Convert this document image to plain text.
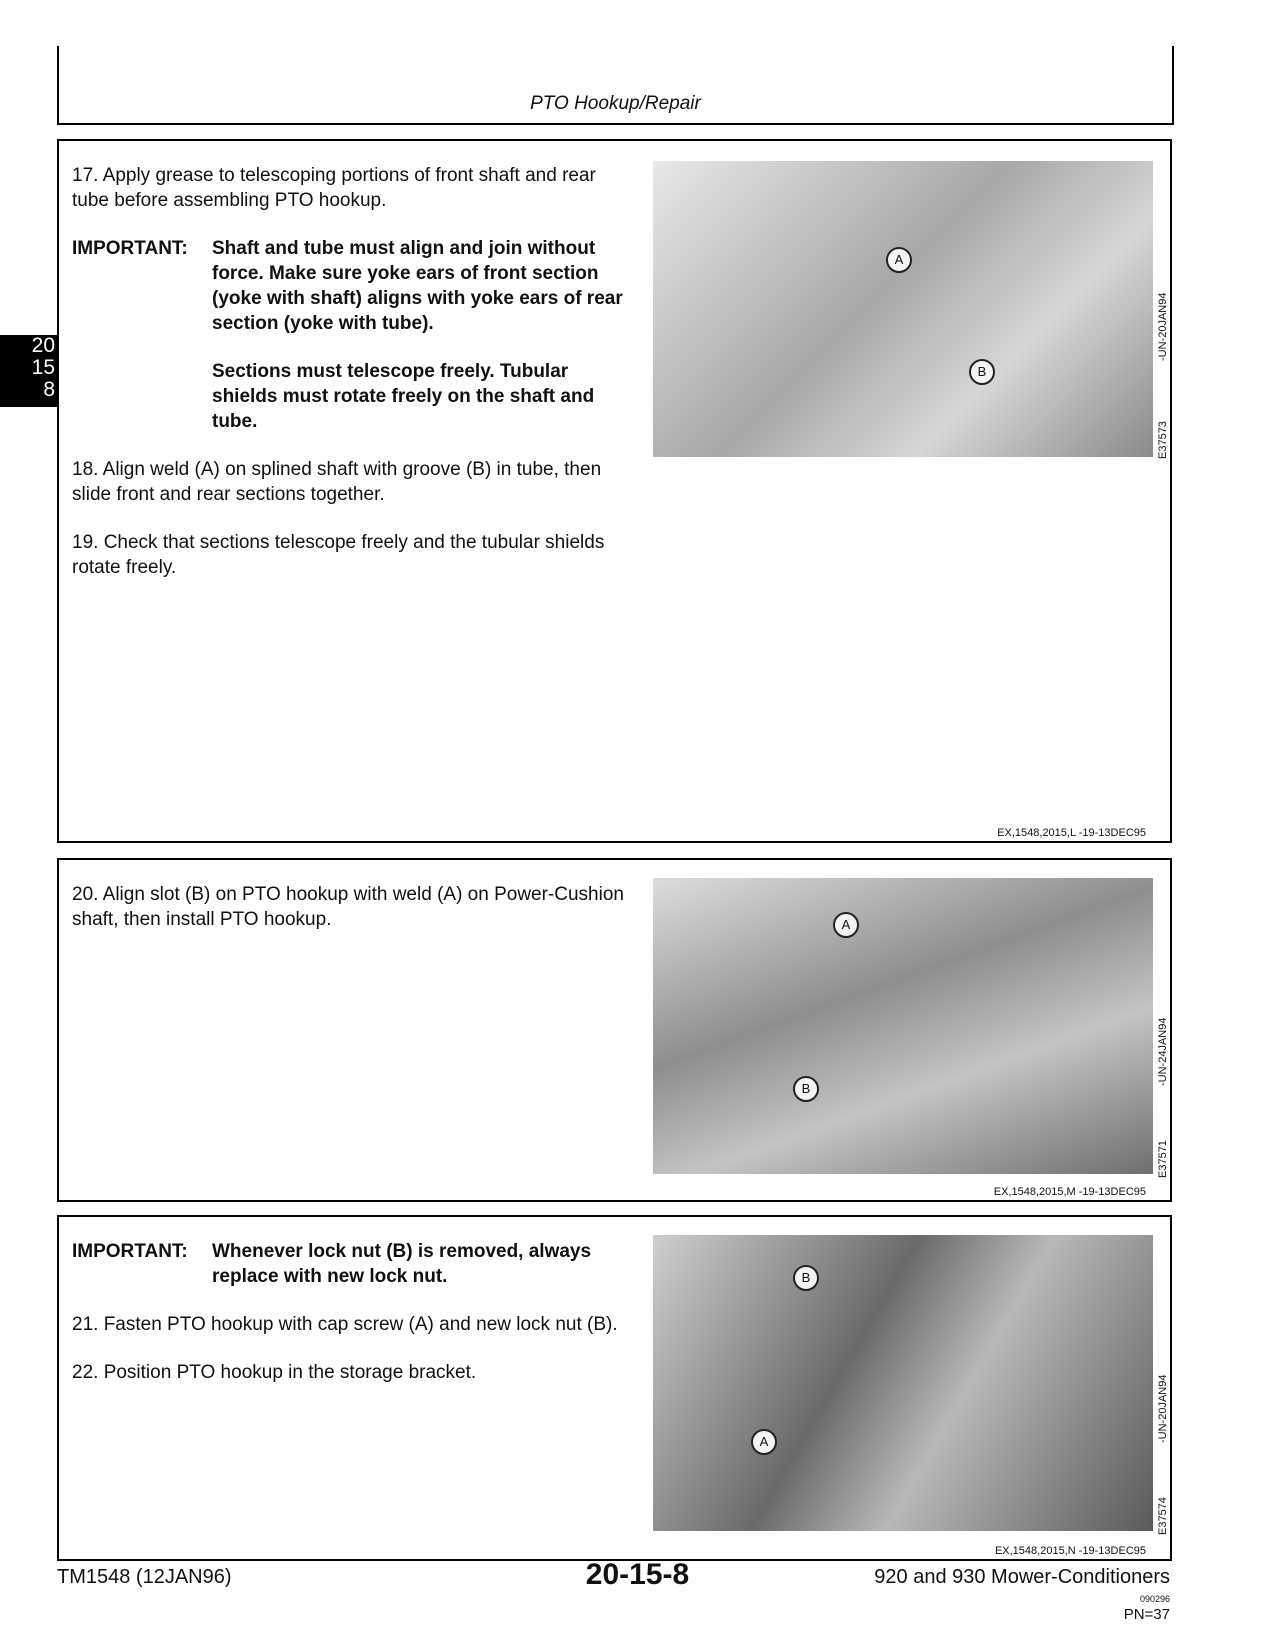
PTO Hookup/Repair
20
15
8

17. Apply grease to telescoping portions of front shaft and rear tube before assembling PTO hookup.

IMPORTANT:	Shaft and tube must align and join without force. Make sure yoke ears of front section (yoke with shaft) aligns with yoke ears of rear section (yoke with tube).
Sections must telescope freely. Tubular shields must rotate freely on the shaft and tube.

18. Align weld (A) on splined shaft with groove (B) in tube, then slide front and rear sections together.

19. Check that sections telescope freely and the tubular shields rotate freely.

A
B
-UN-20JAN94
E37573
EX,1548,2015,L -19-13DEC95

20. Align slot (B) on PTO hookup with weld (A) on Power-Cushion shaft, then install PTO hookup.	A
B
-UN-24JAN94
E37571
EX,1548,2015,M -19-13DEC95
IMPORTANT:	Whenever lock nut (B) is removed, always replace with new lock nut.

21. Fasten PTO hookup with cap screw (A) and new lock nut (B).

22. Position PTO hookup in the storage bracket.

B
A	-UN-20JAN94
E37574
EX,1548,2015,N -19-13DEC95
TM1548 (12JAN96)	20-15-8	920 and 930 Mower-Conditioners
090296
PN=37
